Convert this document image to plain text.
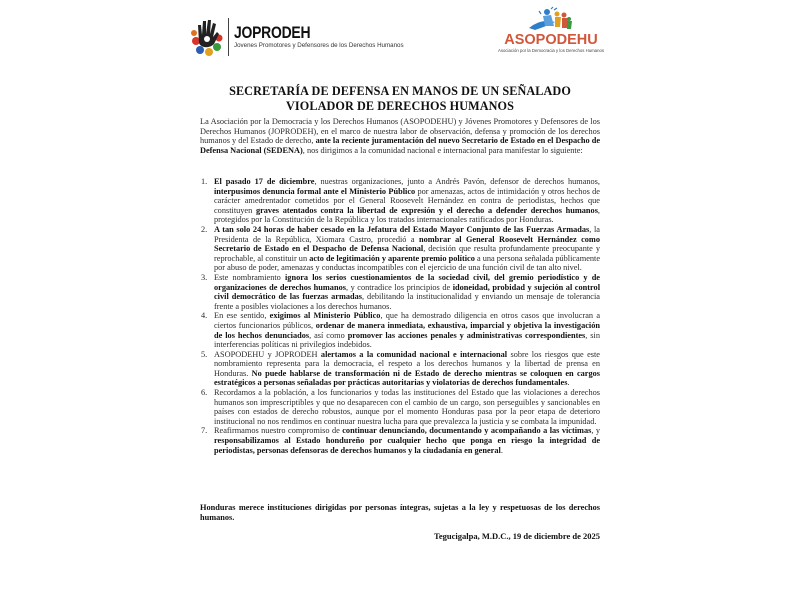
JOPRODEH
Jovenes Promotores y Defensores de los Derechos Humanos	ASOPODEHU
Asociación por la Democracia y los Derechos Humanos
SECRETARÍA DE DEFENSA EN MANOS DE UN SEÑALADO VIOLADOR DE DERECHOS HUMANOS
La Asociación por la Democracia y los Derechos Humanos (ASOPODEHU) y Jóvenes Promotores y Defensores de los Derechos Humanos (JOPRODEH), en el marco de nuestra labor de observación, defensa y promoción de los derechos humanos y del Estado de derecho, ante la reciente juramentación del nuevo Secretario de Estado en el Despacho de Defensa Nacional (SEDENA), nos dirigimos a la comunidad nacional e internacional para manifestar lo siguiente:
1. El pasado 17 de diciembre, nuestras organizaciones, junto a Andrés Pavón, defensor de derechos humanos, interpusimos denuncia formal ante el Ministerio Público por amenazas, actos de intimidación y otros hechos de carácter amedrentador cometidos por el General Roosevelt Hernández en contra de periodistas, hechos que constituyen graves atentados contra la libertad de expresión y el derecho a defender derechos humanos, protegidos por la Constitución de la República y los tratados internacionales ratificados por Honduras.
2. A tan solo 24 horas de haber cesado en la Jefatura del Estado Mayor Conjunto de las Fuerzas Armadas, la Presidenta de la República, Xiomara Castro, procedió a nombrar al General Roosevelt Hernández como Secretario de Estado en el Despacho de Defensa Nacional, decisión que resulta profundamente preocupante y reprochable, al constituir un acto de legitimación y aparente premio político a una persona señalada públicamente por abuso de poder, amenazas y conductas incompatibles con el ejercicio de una función civil de tan alto nivel.
3. Este nombramiento ignora los serios cuestionamientos de la sociedad civil, del gremio periodístico y de organizaciones de derechos humanos, y contradice los principios de idoneidad, probidad y sujeción al control civil democrático de las fuerzas armadas, debilitando la institucionalidad y enviando un mensaje de tolerancia frente a posibles violaciones a los derechos humanos.
4. En ese sentido, exigimos al Ministerio Público, que ha demostrado diligencia en otros casos que involucran a ciertos funcionarios públicos, ordenar de manera inmediata, exhaustiva, imparcial y objetiva la investigación de los hechos denunciados, así como promover las acciones penales y administrativas correspondientes, sin interferencias políticas ni privilegios indebidos.
5. ASOPODEHU y JOPRODEH alertamos a la comunidad nacional e internacional sobre los riesgos que este nombramiento representa para la democracia, el respeto a los derechos humanos y la libertad de prensa en Honduras. No puede hablarse de transformación ni de Estado de derecho mientras se coloquen en cargos estratégicos a personas señaladas por prácticas autoritarias y violatorias de derechos fundamentales.
6. Recordamos a la población, a los funcionarios y todas las instituciones del Estado que las violaciones a derechos humanos son imprescriptibles y que no desaparecen con el cambio de un cargo, son perseguibles y sancionables en países con estados de derecho robustos, aunque por el momento Honduras pasa por la peor etapa de deterioro institucional no nos rendimos en continuar nuestra lucha para que prevalezca la justicia y se combata la impunidad.
7. Reafirmamos nuestro compromiso de continuar denunciando, documentando y acompañando a las víctimas, y responsabilizamos al Estado hondureño por cualquier hecho que ponga en riesgo la integridad de periodistas, personas defensoras de derechos humanos y la ciudadanía en general.
Honduras merece instituciones dirigidas por personas íntegras, sujetas a la ley y respetuosas de los derechos humanos.
Tegucigalpa, M.D.C., 19 de diciembre de 2025
